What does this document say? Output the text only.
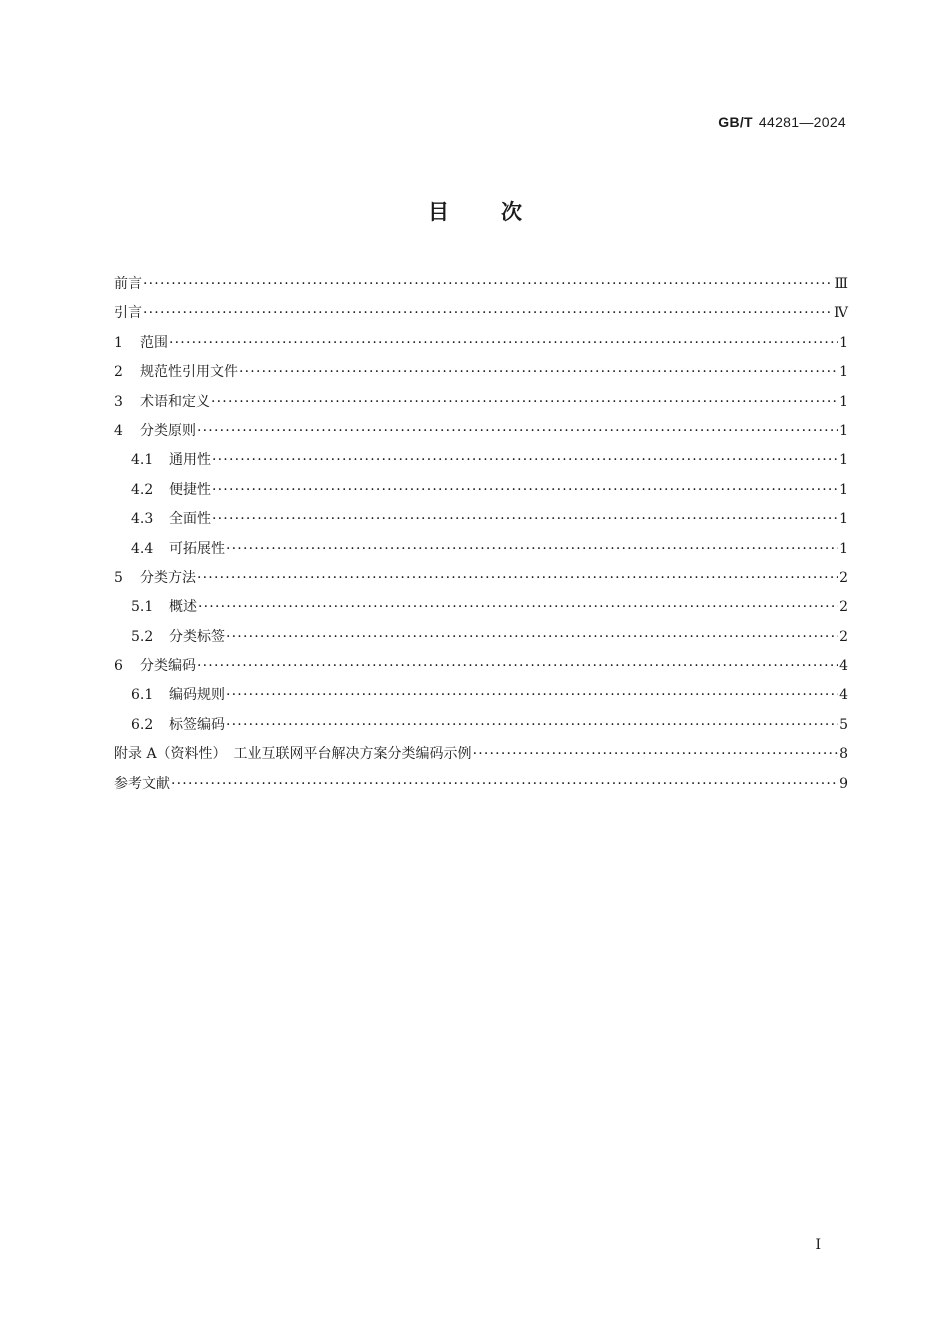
GB/T 44281—2024
目次
前言 ·····	Ⅲ
引言 ·····	Ⅳ
1	范围 ·····	1
2	规范性引用文件 ·····	1
3	术语和定义 ·····	1
4	分类原则 ·····	1
4.1	通用性 ·····	1
4.2	便捷性 ·····	1
4.3	全面性 ·····	1
4.4	可拓展性 ·····	1
5	分类方法 ·····	2
5.1	概述 ·····	2
5.2	分类标签 ·····	2
6	分类编码 ·····	4
6.1	编码规则 ·····	4
6.2	标签编码 ·····	5
附录 A（资料性）　工业互联网平台解决方案分类编码示例 ·····	8
参考文献 ·····	9
Ⅰ
